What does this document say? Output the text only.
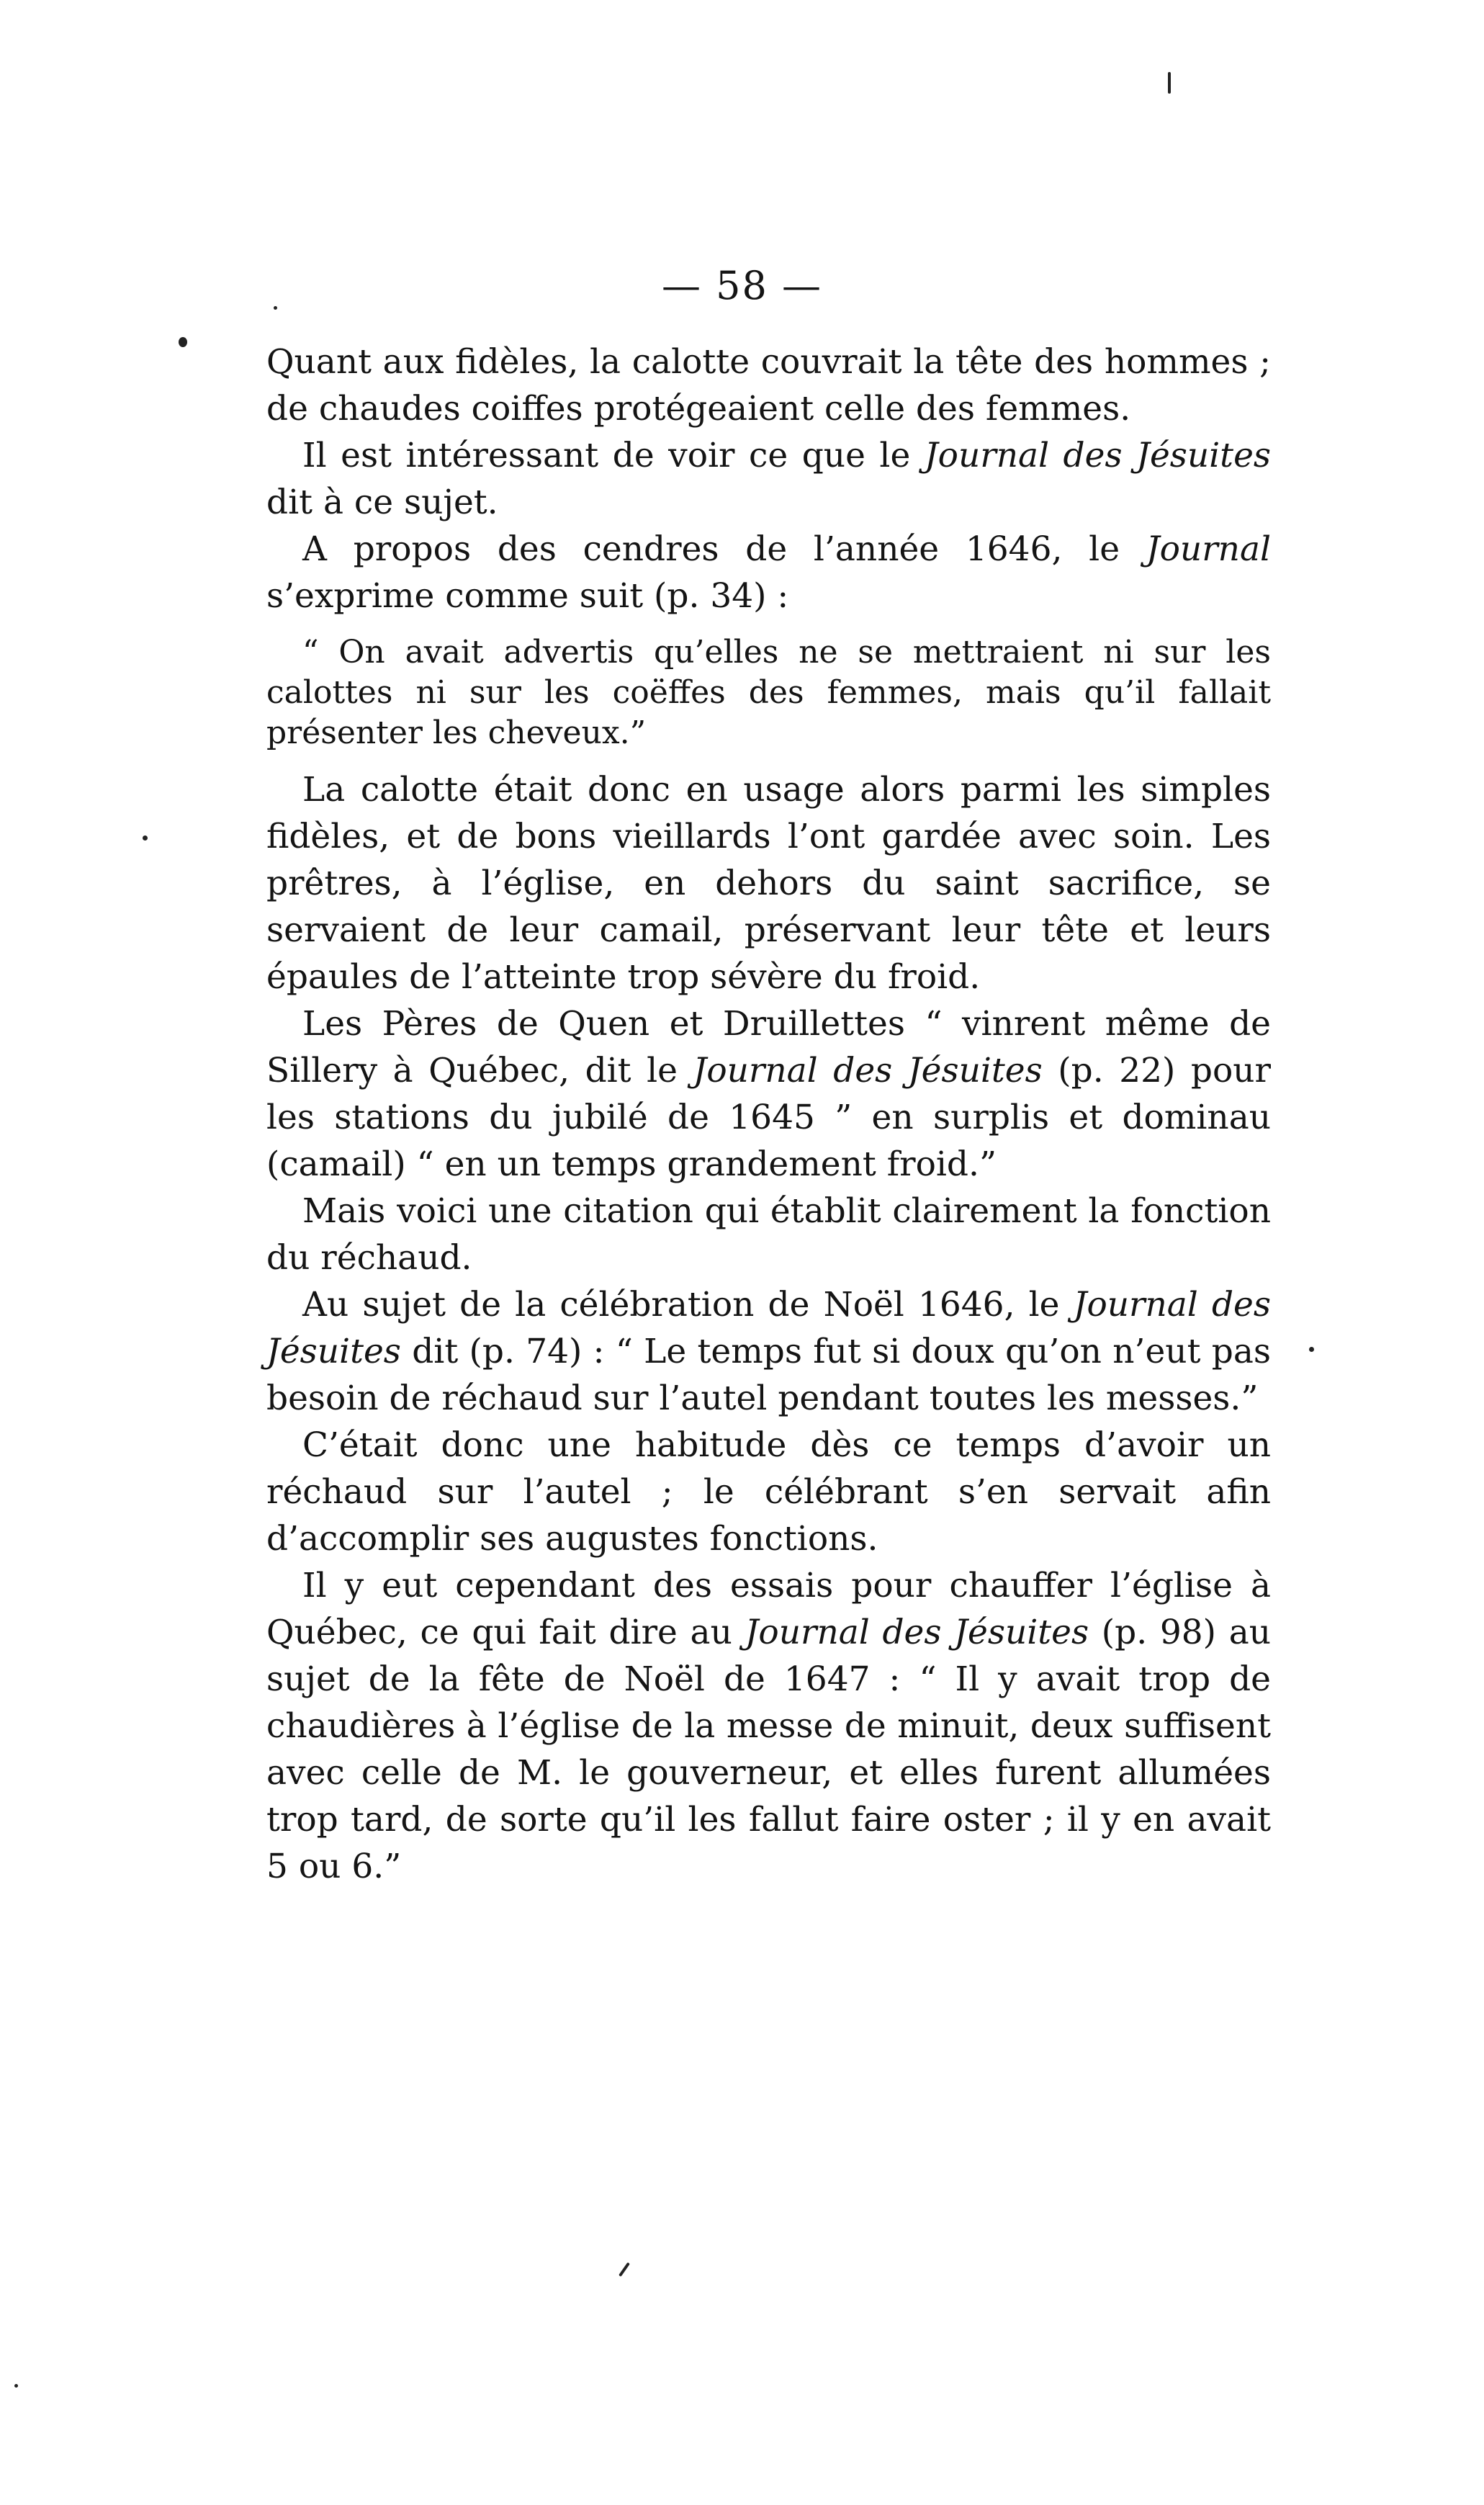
— 58 —

Quant aux fidèles, la calotte couvrait la tête des hommes ; de chaudes coiffes protégeaient celle des femmes.

Il est intéressant de voir ce que le Journal des Jésuites dit à ce sujet.

A propos des cendres de l’année 1646, le Journal s’exprime comme suit (p. 34) :

“ On avait advertis qu’elles ne se mettraient ni sur les calottes ni sur les coëffes des femmes, mais qu’il fallait présenter les cheveux.”

La calotte était donc en usage alors parmi les simples fidèles, et de bons vieillards l’ont gardée avec soin. Les prêtres, à l’église, en dehors du saint sacrifice, se servaient de leur camail, préservant leur tête et leurs épaules de l’atteinte trop sévère du froid.

Les Pères de Quen et Druillettes “ vinrent même de Sillery à Québec, dit le Journal des Jésuites (p. 22) pour les stations du jubilé de 1645 ” en surplis et dominau (camail) “ en un temps grandement froid.”

Mais voici une citation qui établit clairement la fonction du réchaud.

Au sujet de la célébration de Noël 1646, le Journal des Jésuites dit (p. 74) : “ Le temps fut si doux qu’on n’eut pas besoin de réchaud sur l’autel pendant toutes les messes.”

C’était donc une habitude dès ce temps d’avoir un réchaud sur l’autel ; le célébrant s’en servait afin d’accomplir ses augustes fonctions.

Il y eut cependant des essais pour chauffer l’église à Québec, ce qui fait dire au Journal des Jésuites (p. 98) au sujet de la fête de Noël de 1647 : “ Il y avait trop de chaudières à l’église de la messe de minuit, deux suffisent avec celle de M. le gouverneur, et elles furent allumées trop tard, de sorte qu’il les fallut faire oster ; il y en avait 5 ou 6.”
